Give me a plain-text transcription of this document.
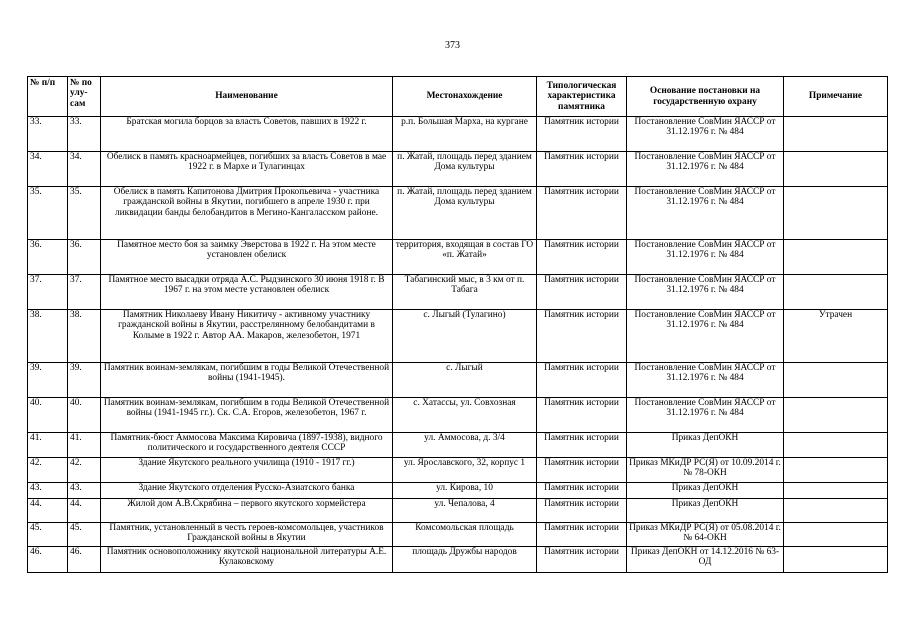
373
№ п/п	№ по улу-сам	Наименование	Местонахождение	Типологическая характеристика памятника	Основание постановки на государственную охрану	Примечание
33.	33.	Братская могила борцов за власть Советов, павших в 1922 г.	р.п. Большая Марха, на кургане	Памятник истории	Постановление СовМин ЯАССР от 31.12.1976 г. № 484	
34.	34.	Обелиск в память красноармейцев, погибших за власть Советов в мае 1922 г. в Мархе и Тулагинцах	п. Жатай, площадь перед зданием Дома культуры	Памятник истории	Постановление СовМин ЯАССР от 31.12.1976 г. № 484	
35.	35.	Обелиск в память Капитонова Дмитрия Прокопьевича - участника гражданской войны в Якутии, погибшего в апреле 1930 г. при ликвидации банды белобандитов в Мегино-Кангаласском районе.	п. Жатай, площадь перед зданием Дома культуры	Памятник истории	Постановление СовМин ЯАССР от 31.12.1976 г. № 484	
36.	36.	Памятное место боя за заимку Эверстова в 1922 г. На этом месте установлен обелиск	территория, входящая в состав ГО «п. Жатай»	Памятник истории	Постановление СовМин ЯАССР от 31.12.1976 г. № 484	
37.	37.	Памятное место высадки отряда А.С. Рыдзинского 30 июня 1918 г. В 1967 г. на этом месте установлен обелиск	Табагинский мыс, в 3 км от п. Табага	Памятник истории	Постановление СовМин ЯАССР от 31.12.1976 г. № 484	
38.	38.	Памятник Николаеву Ивану Никитичу - активному участнику гражданской войны в Якутии, расстрелянному белобандитами в Колыме в 1922 г. Автор АА. Макаров, железобетон, 1971	с. Лыгый (Тулагино)	Памятник истории	Постановление СовМин ЯАССР от 31.12.1976 г. № 484	Утрачен
39.	39.	Памятник воинам-землякам, погибшим в годы Великой Отечественной войны (1941-1945).	с. Лыгый	Памятник истории	Постановление СовМин ЯАССР от 31.12.1976 г. № 484	
40.	40.	Памятник воинам-землякам, погибшим в годы Великой Отечественной войны (1941-1945 гг.). Ск. С.А. Егоров, железобетон, 1967 г.	с. Хатассы, ул. Совхозная	Памятник истории	Постановление СовМин ЯАССР от 31.12.1976 г. № 484	
41.	41.	Памятник-бюст Аммосова Максима Кировича (1897-1938), видного политического и государственного деятеля СССР	ул. Аммосова, д. 3/4	Памятник истории	Приказ ДепОКН	
42.	42.	Здание Якутского реального училища (1910 - 1917 гг.)	ул. Ярославского, 32, корпус 1	Памятник истории	Приказ МКиДР РС(Я) от 10.09.2014 г. № 78-ОКН	
43.	43.	Здание Якутского отделения Русско-Азиатского банка	ул. Кирова, 10	Памятник истории	Приказ ДепОКН	
44.	44.	Жилой дом А.В.Скрябина – первого якутского хормейстера	ул. Чепалова, 4	Памятник истории	Приказ ДепОКН	
45.	45.	Памятник, установленный в честь героев-комсомольцев, участников Гражданской войны в Якутии	Комсомольская площадь	Памятник истории	Приказ МКиДР РС(Я) от 05.08.2014 г. № 64-ОКН	
46.	46.	Памятник основоположнику якутской национальной литературы А.Е. Кулаковскому	площадь Дружбы народов	Памятник истории	Приказ ДепОКН от 14.12.2016 № 63-ОД	
